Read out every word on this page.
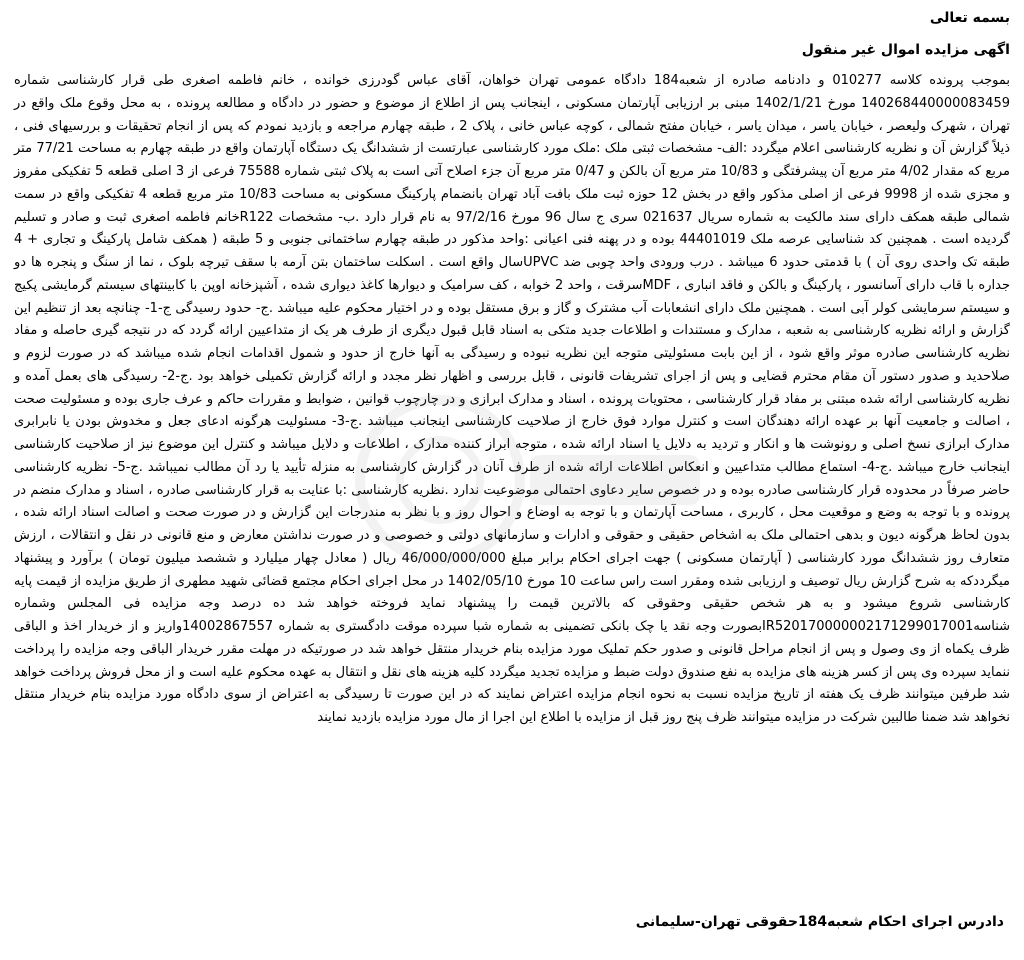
بسمه تعالی

اگهی مزایده اموال غیر منقول

بموجب پرونده کلاسه 010277 و دادنامه صادره از شعبه184 دادگاه عمومی تهران خواهان، آقای عباس گودرزی خوانده ، خانم فاطمه اصغری طی قرار کارشناسی شماره 140268440000083459 مورخ 1402/1/21 مبنی بر ارزیابی آپارتمان مسکونی ، اینجانب پس از اطلاع از موضوع و حضور در دادگاه و مطالعه پرونده ، به محل وقوع ملک واقع در تهران ، شهرک ولیعصر ، خیابان یاسر ، میدان یاسر ، خیابان مفتح شمالی ، کوچه عباس خانی ، پلاک 2 ، طبقه چهارم مراجعه و بازدید نمودم که پس از انجام تحقیقات و بررسیهای فنی ، ذیلاً گزارش آن و نظریه کارشناسی اعلام میگردد :الف- مشخصات ثبتی ملک :ملک مورد کارشناسی عبارتست از ششدانگ یک دستگاه آپارتمان واقع در طبقه چهارم به مساحت 77/21 متر مربع که مقدار 4/02 متر مربع آن پیشرفتگی و 10/83 متر مربع آن بالکن و 0/47 متر مربع آن جزء اصلاح آتی است به پلاک ثبتی شماره 75588 فرعی از 3 اصلی قطعه 5 تفکیکی مفروز و مجزی شده از 9998 فرعی از اصلی مذکور واقع در بخش 12 حوزه ثبت ملک بافت آباد تهران بانضمام پارکینگ مسکونی به مساحت 10/83 متر مربع قطعه 4 تفکیکی واقع در سمت شمالی طبقه همکف دارای سند مالکیت به شماره سریال 021637 سری ج سال 96 مورخ 97/2/16 به نام قرار دارد .ب- مشخصات R122خانم فاطمه اصغری ثبت و صادر و تسلیم گردیده است . همچنین کد شناسایی عرصه ملک 44401019 بوده و در پهنه فنی اعیانی :واحد مذکور در طبقه چهارم ساختمانی جنوبی و 5 طبقه ( همکف شامل پارکینگ و تجاری + 4 طبقه تک واحدی روی آن ) با قدمتی حدود 6 میباشد . درب ورودی واحد چوبی ضد UPVCسال واقع است . اسکلت ساختمان بتن آرمه با سقف تیرچه بلوک ، نما از سنگ و پنجره ها دو جداره با قاب دارای آسانسور ، پارکینگ و بالکن و فاقد انباری ، MDFسرقت ، واحد 2 خوابه ، کف سرامیک و دیوارها کاغذ دیواری شده ، آشپزخانه اوپن با کابینتهای سیستم گرمایشی پکیج و سیستم سرمایشی کولر آبی است . همچنین ملک دارای انشعابات آب مشترک و گاز و برق مستقل بوده و در اختیار محکوم علیه میباشد .ج- حدود رسیدگی ج-1- چنانچه بعد از تنظیم این گزارش و ارائه نظریه کارشناسی به شعبه ، مدارک و مستندات و اطلاعات جدید متکی به اسناد قابل قبول دیگری از طرف هر یک از متداعیین ارائه گردد که در نتیجه گیری حاصله و مفاد نظریه کارشناسی صادره موثر واقع شود ، از این بابت مسئولیتی متوجه این نظریه نبوده و رسیدگی به آنها خارج از حدود و شمول اقدامات انجام شده میباشد که در صورت لزوم و صلاحدید و صدور دستور آن مقام محترم قضایی و پس از اجرای تشریفات قانونی ، قابل بررسی و اظهار نظر مجدد و ارائه گزارش تکمیلی خواهد بود .ج-2- رسیدگی های بعمل آمده و نظریه کارشناسی ارائه شده مبتنی بر مفاد قرار کارشناسی ، محتویات پرونده ، اسناد و مدارک ابرازی و در چارچوب قوانین ، ضوابط و مقررات حاکم و عرف جاری بوده و مسئولیت صحت ، اصالت و جامعیت آنها بر عهده ارائه دهندگان است و کنترل موارد فوق خارج از صلاحیت کارشناسی اینجانب میباشد .ج-3- مسئولیت هرگونه ادعای جعل و مخدوش بودن یا نابرابری مدارک ابرازی نسخ اصلی و رونوشت ها و انکار و تردید به دلایل یا اسناد ارائه شده ، متوجه ابراز کننده مدارک ، اطلاعات و دلایل میباشد و کنترل این موضوع نیز از صلاحیت کارشناسی اینجانب خارج میباشد .ج-4- استماع مطالب متداعیین و انعکاس اطلاعات ارائه شده از طرف آنان در گزارش کارشناسی به منزله تأیید یا رد آن مطالب نمیباشد .ج-5- نظریه کارشناسی حاضر صرفاً در محدوده قرار کارشناسی صادره بوده و در خصوص سایر دعاوی احتمالی موضوعیت ندارد .نظریه کارشناسی :با عنایت به قرار کارشناسی صادره ، اسناد و مدارک منضم در پرونده و با توجه به وضع و موقعیت محل ، کاربری ، مساحت آپارتمان و با توجه به اوضاع و احوال روز و با نظر به مندرجات این گزارش و در صورت صحت و اصالت اسناد ارائه شده ، بدون لحاظ هرگونه دیون و بدهی احتمالی ملک به اشخاص حقیقی و حقوقی و ادارات و سازمانهای دولتی و خصوصی و در صورت نداشتن معارض و منع قانونی در نقل و انتقالات ، ارزش متعارف روز ششدانگ مورد کارشناسی ( آپارتمان مسکونی ) جهت اجرای احکام برابر مبلغ 46/000/000/000 ریال ( معادل چهار میلیارد و ششصد میلیون تومان ) برآورد و پیشنهاد میگرددکه به شرح گزارش ریال توصیف و ارزیابی شده ومقرر است راس ساعت 10 مورخ 1402/05/10 در محل اجرای احکام مجتمع قضائی شهید مطهری از طریق مزایده از قیمت پایه کارشناسی شروع میشود و به هر شخص حقیقی وحقوقی که بالاترین قیمت را پیشنهاد نماید فروخته خواهد شد ده درصد وجه مزایده فی المجلس وشماره شناسهIR520170000002171299017001بصورت وجه نقد یا چک بانکی تضمینی به شماره شبا سپرده موقت دادگستری به شماره 14002867557واریز و از خریدار اخذ و الباقی ظرف یکماه از وی وصول و پس از انجام مراحل قانونی و صدور حکم تملیک مورد مزایده بنام خریدار منتقل خواهد شد در صورتیکه در مهلت مقرر خریدار الباقی وجه مزایده را پرداخت ننماید سپرده وی پس از کسر هزینه های مزایده به نفع صندوق دولت ضبط و مزایده تجدید میگردد کلیه هزینه های نقل و انتقال به عهده محکوم علیه است و از محل فروش پرداخت خواهد شد طرفین میتوانند ظرف یک هفته از تاریخ مزایده نسبت به نحوه انجام مزایده اعتراض نمایند که در این صورت تا رسیدگی به اعتراض از سوی دادگاه مورد مزایده بنام خریدار منتقل نخواهد شد ضمنا طالبین شرکت در مزایده میتوانند ظرف پنج روز قبل از مزایده با اطلاع این اجرا از مال مورد مزایده بازدید نمایند

دادرس اجرای احکام شعبه184حقوقی تهران-سلیمانی
